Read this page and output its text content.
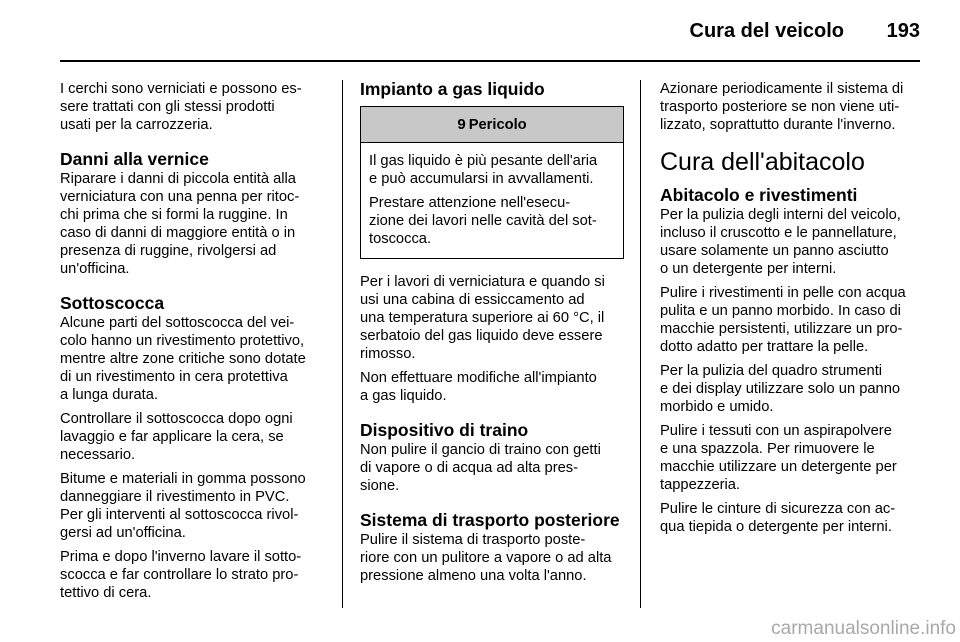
Cura del veicolo 193

I cerchi sono verniciati e possono es-
sere trattati con gli stessi prodotti
usati per la carrozzeria.

Danni alla vernice

Riparare i danni di piccola entità alla
verniciatura con una penna per ritoc-
chi prima che si formi la ruggine. In
caso di danni di maggiore entità o in
presenza di ruggine, rivolgersi ad
un'officina.

Sottoscocca

Alcune parti del sottoscocca del vei-
colo hanno un rivestimento protettivo,
mentre altre zone critiche sono dotate
di un rivestimento in cera protettiva
a lunga durata.

Controllare il sottoscocca dopo ogni
lavaggio e far applicare la cera, se
necessario.

Bitume e materiali in gomma possono
danneggiare il rivestimento in PVC.
Per gli interventi al sottoscocca rivol-
gersi ad un'officina.

Prima e dopo l'inverno lavare il sotto-
scocca e far controllare lo strato pro-
tettivo di cera.

Impianto a gas liquido
9 Pericolo

Il gas liquido è più pesante dell'aria
e può accumularsi in avvallamenti.

Prestare attenzione nell'esecu-
zione dei lavori nelle cavità del sot-
toscocca.

Per i lavori di verniciatura e quando si
usi una cabina di essiccamento ad
una temperatura superiore ai 60 °C, il
serbatoio del gas liquido deve essere
rimosso.

Non effettuare modifiche all'impianto
a gas liquido.

Dispositivo di traino

Non pulire il gancio di traino con getti
di vapore o di acqua ad alta pres-
sione.

Sistema di trasporto posteriore

Pulire il sistema di trasporto poste-
riore con un pulitore a vapore o ad alta
pressione almeno una volta l'anno.

Azionare periodicamente il sistema di
trasporto posteriore se non viene uti-
lizzato, soprattutto durante l'inverno.

Cura dell'abitacolo
Abitacolo e rivestimenti

Per la pulizia degli interni del veicolo,
incluso il cruscotto e le pannellature,
usare solamente un panno asciutto
o un detergente per interni.

Pulire i rivestimenti in pelle con acqua
pulita e un panno morbido. In caso di
macchie persistenti, utilizzare un pro-
dotto adatto per trattare la pelle.

Per la pulizia del quadro strumenti
e dei display utilizzare solo un panno
morbido e umido.

Pulire i tessuti con un aspirapolvere
e una spazzola. Per rimuovere le
macchie utilizzare un detergente per
tappezzeria.

Pulire le cinture di sicurezza con ac-
qua tiepida o detergente per interni.

carmanualsonline.info
